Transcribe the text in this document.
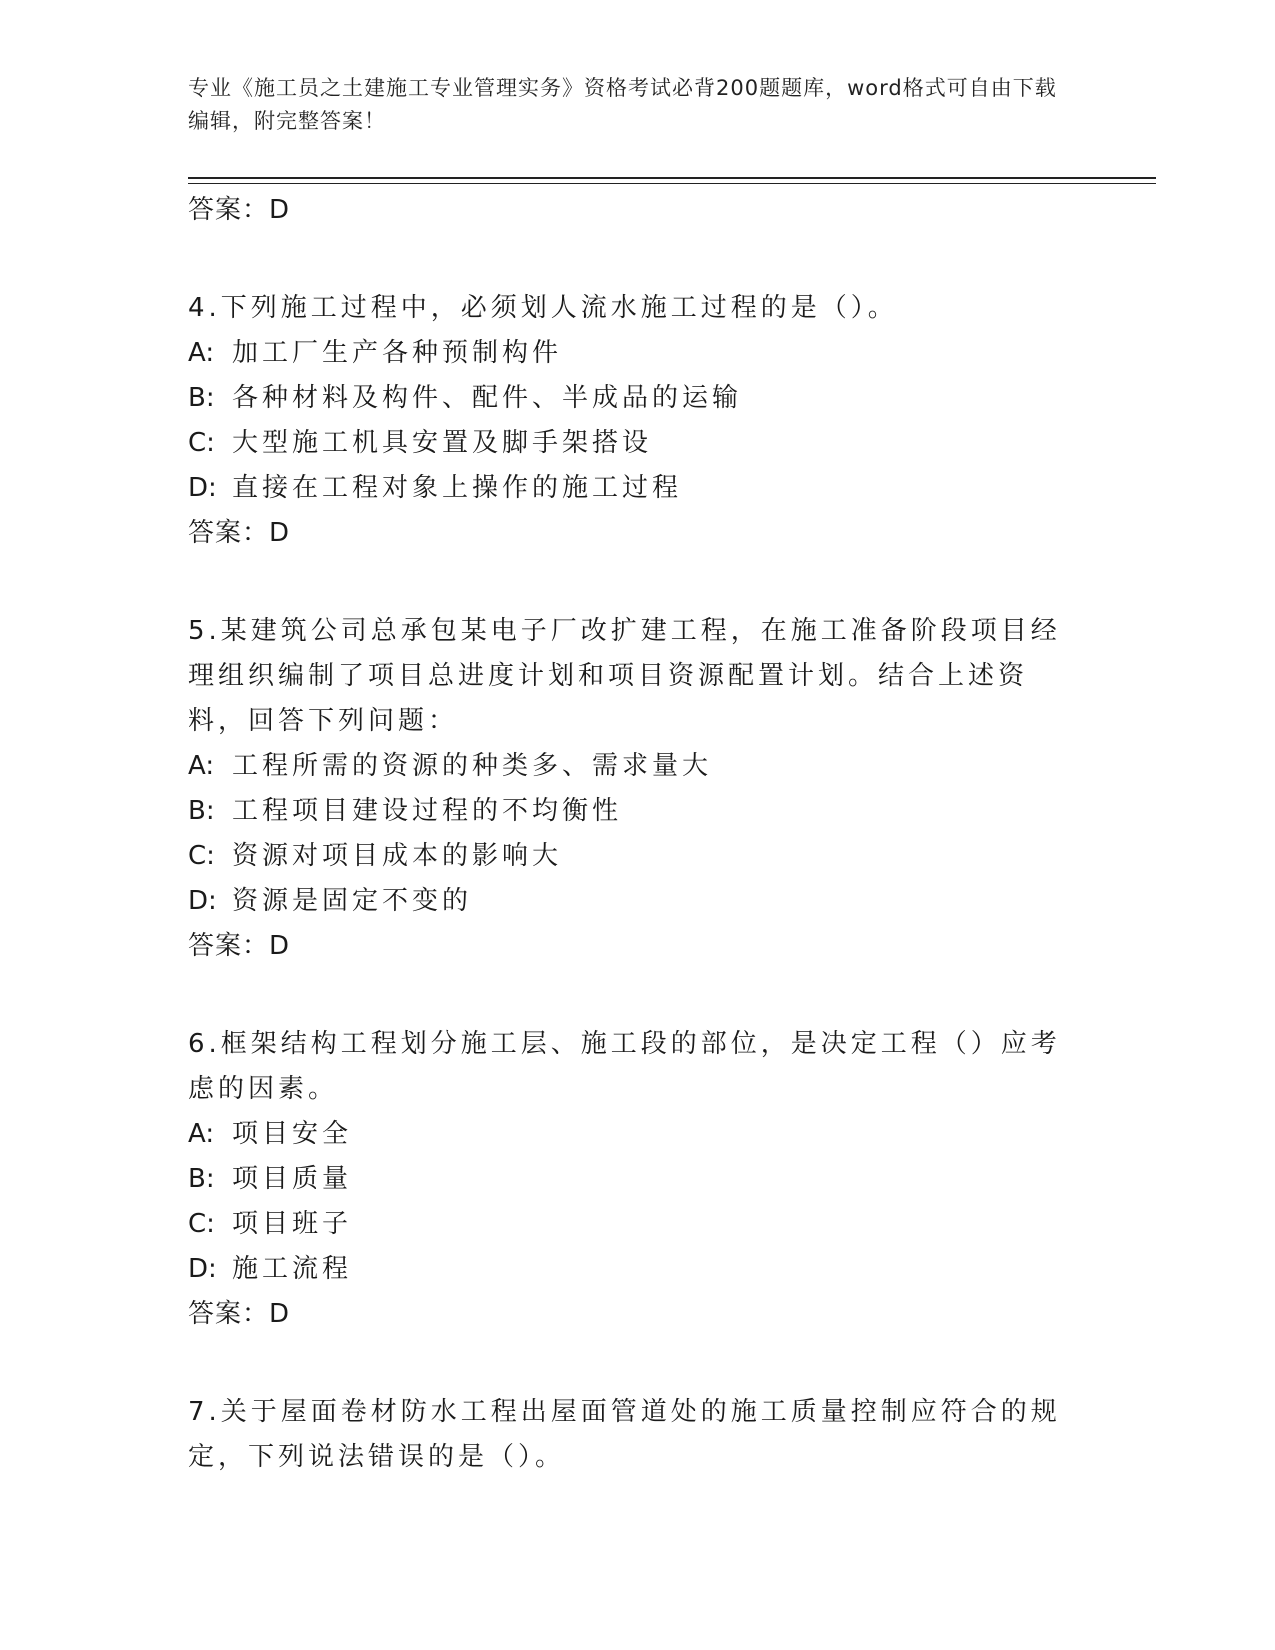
专业《施工员之土建施工专业管理实务》资格考试必背200题题库，word格式可自由下载编辑，附完整答案！
答案：D

4.下列施工过程中，必须划人流水施工过程的是（）。

A: 加工厂生产各种预制构件
B: 各种材料及构件、配件、半成品的运输
C: 大型施工机具安置及脚手架搭设
D: 直接在工程对象上操作的施工过程
答案：D

5.某建筑公司总承包某电子厂改扩建工程，在施工准备阶段项目经理组织编制了项目总进度计划和项目资源配置计划。结合上述资料，回答下列问题：

A: 工程所需的资源的种类多、需求量大
B: 工程项目建设过程的不均衡性
C: 资源对项目成本的影响大
D: 资源是固定不变的
答案：D

6.框架结构工程划分施工层、施工段的部位，是决定工程（）应考虑的因素。

A: 项目安全
B: 项目质量
C: 项目班子
D: 施工流程
答案：D

7.关于屋面卷材防水工程出屋面管道处的施工质量控制应符合的规定，下列说法错误的是（）。
